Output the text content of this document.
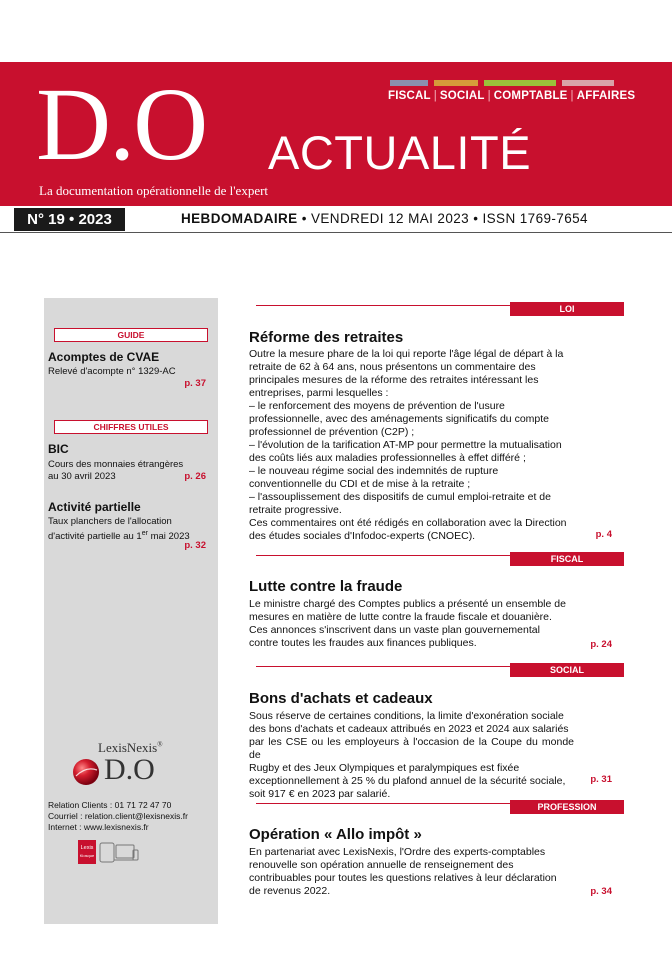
FISCAL | SOCIAL | COMPTABLE | AFFAIRES
D.O ACTUALITÉ
La documentation opérationnelle de l'expert
N° 19 • 2023	HEBDOMADAIRE • VENDREDI 12 MAI 2023 • ISSN 1769-7654
GUIDE
Acomptes de CVAE
Relevé d'acompte n° 1329-AC
p. 37
CHIFFRES UTILES
BIC
Cours des monnaies étrangères
au 30 avril 2023	p. 26
Activité partielle
Taux planchers de l'allocation
d'activité partielle au 1er mai 2023
p. 32
LexisNexis®
D.O
Relation Clients : 01 71 72 47 70
Courriel : relation.client@lexisnexis.fr
Internet : www.lexisnexis.fr
Lexis
Kiosque
LOI
Réforme des retraites
Outre la mesure phare de la loi qui reporte l'âge légal de départ à la
retraite de 62 à 64 ans, nous présentons un commentaire des
principales mesures de la réforme des retraites intéressant les
entreprises, parmi lesquelles :
– le renforcement des moyens de prévention de l'usure
professionnelle, avec des aménagements significatifs du compte
professionnel de prévention (C2P) ;
– l'évolution de la tarification AT-MP pour permettre la mutualisation
des coûts liés aux maladies professionnelles à effet différé ;
– le nouveau régime social des indemnités de rupture
conventionnelle du CDI et de mise à la retraite ;
– l'assouplissement des dispositifs de cumul emploi-retraite et de
retraite progressive.
Ces commentaires ont été rédigés en collaboration avec la Direction
des études sociales d'Infodoc-experts (CNOEC).	p. 4
FISCAL
Lutte contre la fraude
Le ministre chargé des Comptes publics a présenté un ensemble de
mesures en matière de lutte contre la fraude fiscale et douanière.
Ces annonces s'inscrivent dans un vaste plan gouvernemental
contre toutes les fraudes aux finances publiques.	p. 24
SOCIAL
Bons d'achats et cadeaux
Sous réserve de certaines conditions, la limite d'exonération sociale
des bons d'achats et cadeaux attribués en 2023 et 2024 aux salariés
par les CSE ou les employeurs à l'occasion de la Coupe du monde de
Rugby et des Jeux Olympiques et paralympiques est fixée
exceptionnellement à 25 % du plafond annuel de la sécurité sociale,
soit 917 € en 2023 par salarié.
p. 31
PROFESSION
Opération « Allo impôt »
En partenariat avec LexisNexis, l'Ordre des experts-comptables
renouvelle son opération annuelle de renseignement des
contribuables pour toutes les questions relatives à leur déclaration
de revenus 2022.	p. 34
